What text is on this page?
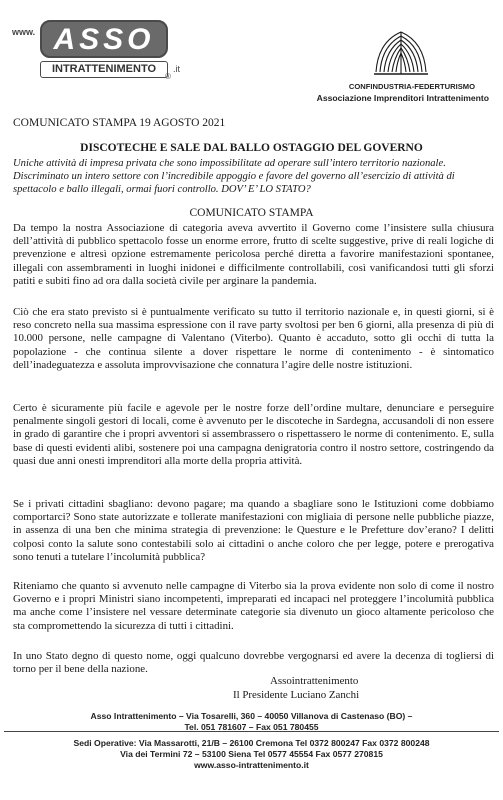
www. ASSO
INTRATTENIMENTO
®
.it
CONFINDUSTRIA-FEDERTURISMO
Associazione Imprenditori Intrattenimento
COMUNICATO STAMPA 19 AGOSTO 2021
DISCOTECHE E SALE DAL BALLO OSTAGGIO DEL GOVERNO
Uniche attività di impresa privata che sono impossibilitate ad operare sull’intero territorio nazionale. Discriminato un intero settore con l’incredibile appoggio e favore del governo all’esercizio di attività di spettacolo e ballo illegali, ormai fuori controllo. DOV’ E’ LO STATO?
COMUNICATO STAMPA

Da tempo la nostra Associazione di categoria aveva avvertito il Governo come l’insistere sulla chiusura dell’attività di pubblico spettacolo fosse un enorme errore, frutto di scelte suggestive, prive di reali logiche di prevenzione e altresì opzione estremamente pericolosa perché diretta a favorire manifestazioni spontanee, illegali con assembramenti in luoghi inidonei e difficilmente controllabili, così vanificandosi tutti gli sforzi patiti e subiti fino ad ora dalla società civile per arginare la pandemia.

Ciò che era stato previsto si è puntualmente verificato su tutto il territorio nazionale e, in questi giorni, si è reso concreto nella sua massima espressione con il rave party svoltosi per ben 6 giorni, alla presenza di più di 10.000 persone, nelle campagne di Valentano (Viterbo). Quanto è accaduto, sotto gli occhi di tutta la popolazione - che continua silente a dover rispettare le norme di contenimento - è sintomatico dell’inadeguatezza e assoluta improvvisazione che connatura l’agire delle nostre istituzioni.

Certo è sicuramente più facile e agevole per le nostre forze dell’ordine multare, denunciare e perseguire penalmente singoli gestori di locali, come è avvenuto per le discoteche in Sardegna, accusandoli di non essere in grado di garantire che i propri avventori si assembrassero o rispettassero le norme di contenimento. E, sulla base di questi evidenti alibi, sostenere poi una campagna denigratoria contro il nostro settore, costringendo da quasi due anni onesti imprenditori alla morte della propria attività.

Se i privati cittadini sbagliano: devono pagare; ma quando a sbagliare sono le Istituzioni come dobbiamo comportarci? Sono state autorizzate e tollerate manifestazioni con migliaia di persone nelle pubbliche piazze, in assenza di una ben che minima strategia di prevenzione: le Questure e le Prefetture dov’erano? I delitti colposi conto la salute sono contestabili solo ai cittadini o anche coloro che per legge, potere e prerogativa sono tenuti a tutelare l’incolumità pubblica?

Riteniamo che quanto si avvenuto nelle campagne di Viterbo sia la prova evidente non solo di come il nostro Governo e i propri Ministri siano incompetenti, impreparati ed incapaci nel proteggere l’incolumità pubblica ma anche come l’insistere nel vessare determinate categorie sia divenuto un gioco altamente pericoloso che sta compromettendo la sicurezza di tutti i cittadini.

In uno Stato degno di questo nome, oggi qualcuno dovrebbe vergognarsi ed avere la decenza di togliersi di torno per il bene della nazione.

Assointrattenimento
Il Presidente Luciano Zanchi
Asso Intrattenimento – Via Tosarelli, 360 – 40050 Villanova di Castenaso (BO) –
Tel. 051 781607 – Fax 051 780455
Sedi Operative: Via Massarotti, 21/B – 26100 Cremona Tel 0372 800247 Fax 0372 800248
Via dei Termini 72 – 53100 Siena Tel 0577 45554 Fax 0577 270815
www.asso-intrattenimento.it
